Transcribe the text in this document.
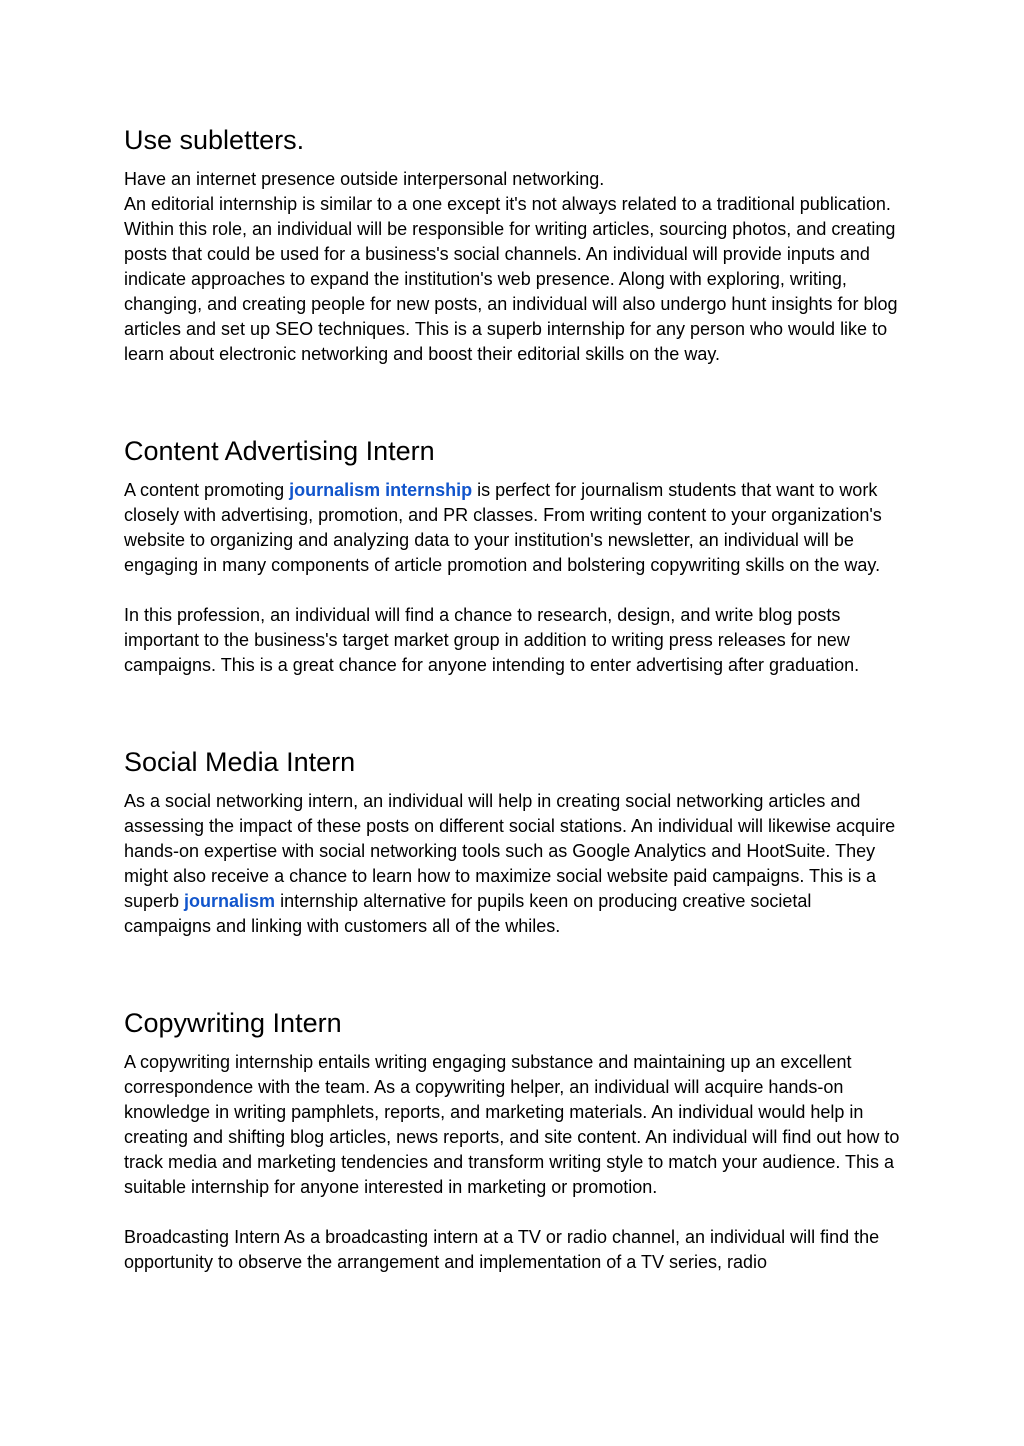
Use subletters.

Have an internet presence outside interpersonal networking.

An editorial internship is similar to a one except it's not always related to a traditional publication. Within this role, an individual will be responsible for writing articles, sourcing photos, and creating posts that could be used for a business's social channels. An individual will provide inputs and indicate approaches to expand the institution's web presence. Along with exploring, writing, changing, and creating people for new posts, an individual will also undergo hunt insights for blog articles and set up SEO techniques. This is a superb internship for any person who would like to learn about electronic networking and boost their editorial skills on the way.

Content Advertising Intern

A content promoting journalism internship is perfect for journalism students that want to work closely with advertising, promotion, and PR classes. From writing content to your organization's website to organizing and analyzing data to your institution's newsletter, an individual will be engaging in many components of article promotion and bolstering copywriting skills on the way.

In this profession, an individual will find a chance to research, design, and write blog posts important to the business's target market group in addition to writing press releases for new campaigns. This is a great chance for anyone intending to enter advertising after graduation.

Social Media Intern

As a social networking intern, an individual will help in creating social networking articles and assessing the impact of these posts on different social stations. An individual will likewise acquire hands-on expertise with social networking tools such as Google Analytics and HootSuite. They might also receive a chance to learn how to maximize social website paid campaigns. This is a superb journalism internship alternative for pupils keen on producing creative societal campaigns and linking with customers all of the whiles.

Copywriting Intern

A copywriting internship entails writing engaging substance and maintaining up an excellent correspondence with the team. As a copywriting helper, an individual will acquire hands-on knowledge in writing pamphlets, reports, and marketing materials. An individual would help in creating and shifting blog articles, news reports, and site content. An individual will find out how to track media and marketing tendencies and transform writing style to match your audience. This a suitable internship for anyone interested in marketing or promotion.

Broadcasting Intern As a broadcasting intern at a TV or radio channel, an individual will find the opportunity to observe the arrangement and implementation of a TV series, radio
